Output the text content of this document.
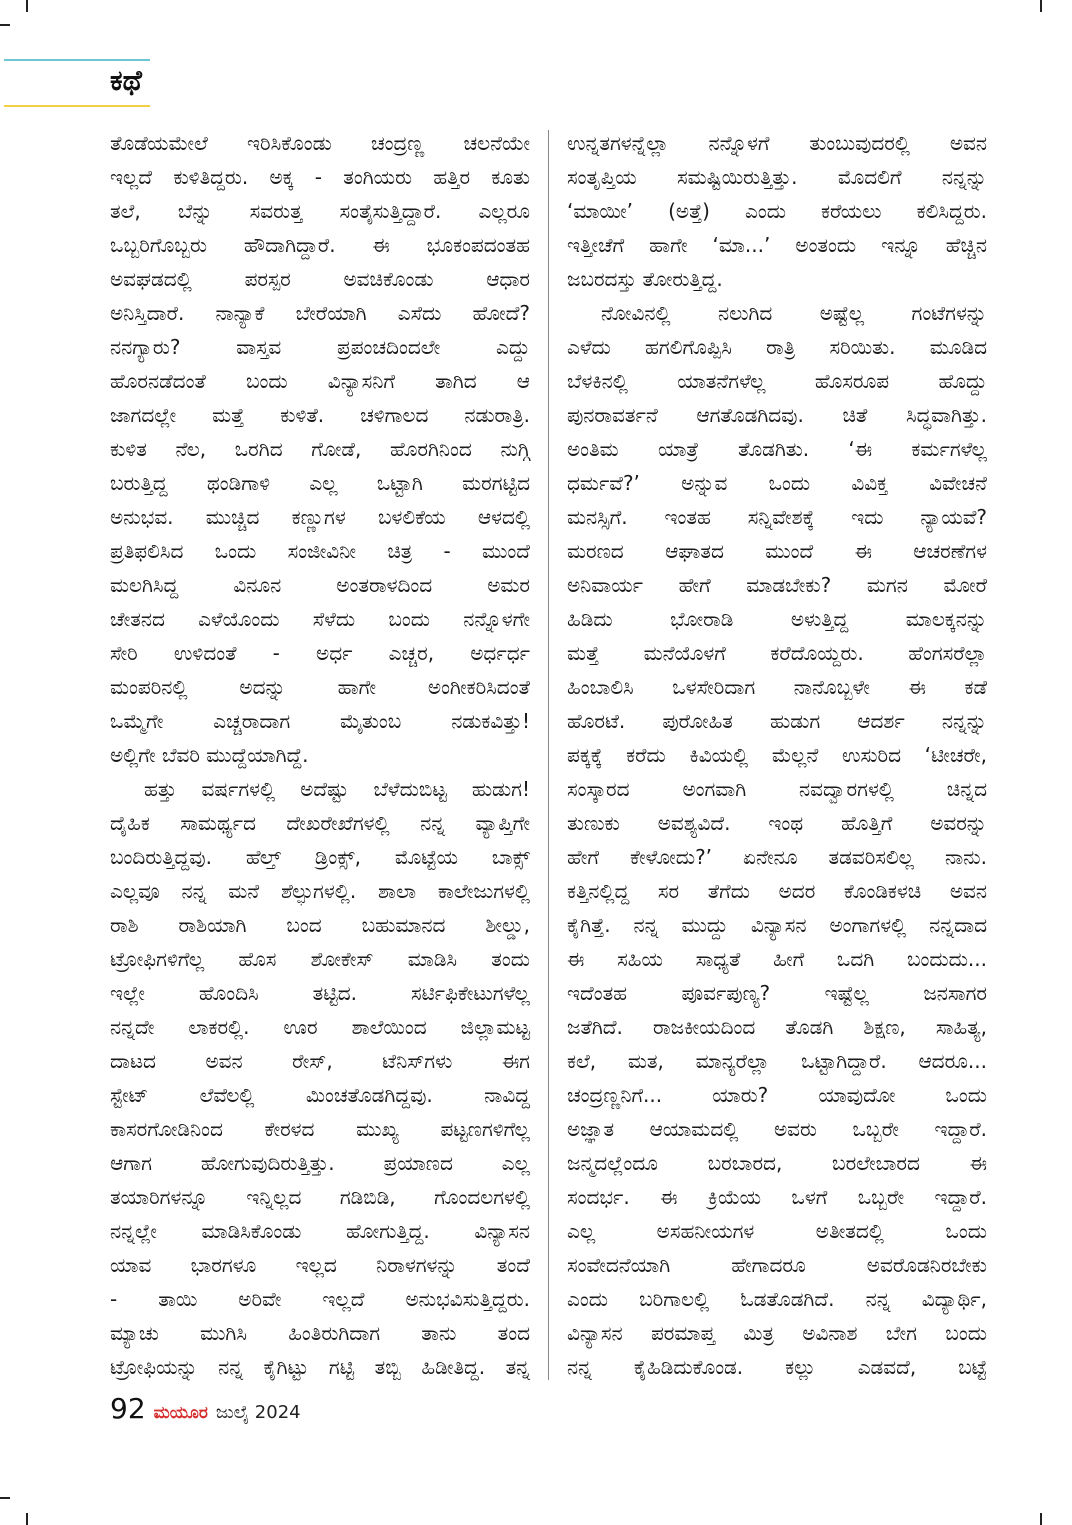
ಕಥೆ

ತೊಡೆಯಮೇಲೆ ಇರಿಸಿಕೊಂಡು ಚಂದ್ರಣ್ಣ ಚಲನೆಯೇ

ಇಲ್ಲದೆ ಕುಳಿತಿದ್ದರು. ಅಕ್ಕ - ತಂಗಿಯರು ಹತ್ತಿರ ಕೂತು

ತಲೆ, ಬೆನ್ನು ಸವರುತ್ತ ಸಂತೈಸುತ್ತಿದ್ದಾರೆ. ಎಲ್ಲರೂ

ಒಬ್ಬರಿಗೊಬ್ಬರು ಹೌದಾಗಿದ್ದಾರೆ. ಈ ಭೂಕಂಪದಂತಹ

ಅವಘಡದಲ್ಲಿ ಪರಸ್ಪರ ಅವಚಿಕೊಂಡು ಆಧಾರ

ಅನಿಸ್ತಿದಾರೆ. ನಾನ್ಯಾಕೆ ಬೇರೆಯಾಗಿ ಎಸೆದು ಹೋದೆ?

ನನಗ್ಯಾರು? ವಾಸ್ತವ ಪ್ರಪಂಚದಿಂದಲೇ ಎದ್ದು

ಹೊರನಡೆದಂತೆ ಬಂದು ವಿನ್ಯಾಸನಿಗೆ ತಾಗಿದ ಆ

ಜಾಗದಲ್ಲೇ ಮತ್ತೆ ಕುಳಿತೆ. ಚಳಿಗಾಲದ ನಡುರಾತ್ರಿ.

ಕುಳಿತ ನೆಲ, ಒರಗಿದ ಗೋಡೆ, ಹೊರಗಿನಿಂದ ನುಗ್ಗಿ

ಬರುತ್ತಿದ್ದ ಥಂಡಿಗಾಳಿ ಎಲ್ಲ ಒಟ್ಟಾಗಿ ಮರಗಟ್ಟಿದ

ಅನುಭವ. ಮುಚ್ಚಿದ ಕಣ್ಣುಗಳ ಬಳಲಿಕೆಯ ಆಳದಲ್ಲಿ

ಪ್ರತಿಫಲಿಸಿದ ಒಂದು ಸಂಜೀವಿನೀ ಚಿತ್ರ - ಮುಂದೆ

ಮಲಗಿಸಿದ್ದ ವಿನೂನ ಅಂತರಾಳದಿಂದ ಅಮರ

ಚೇತನದ ಎಳೆಯೊಂದು ಸೆಳೆದು ಬಂದು ನನ್ನೊಳಗೇ

ಸೇರಿ ಉಳಿದಂತೆ - ಅರ್ಧ ಎಚ್ಚರ, ಅರ್ಧರ್ಧ

ಮಂಪರಿನಲ್ಲಿ ಅದನ್ನು ಹಾಗೇ ಅಂಗೀಕರಿಸಿದಂತೆ

ಒಮ್ಮೆಗೇ ಎಚ್ಚರಾದಾಗ ಮೈತುಂಬ ನಡುಕವಿತ್ತು!

ಅಲ್ಲಿಗೇ ಬೆವರಿ ಮುದ್ದೆಯಾಗಿದ್ದೆ.

ಹತ್ತು ವರ್ಷಗಳಲ್ಲಿ ಅದೆಷ್ಟು ಬೆಳೆದುಬಿಟ್ಟ ಹುಡುಗ!

ದೈಹಿಕ ಸಾಮರ್ಥ್ಯದ ದೇಖರೇಖೆಗಳಲ್ಲಿ ನನ್ನ ವ್ಯಾಪ್ತಿಗೇ

ಬಂದಿರುತ್ತಿದ್ದವು. ಹೆಲ್ತ್ ಡ್ರಿಂಕ್ಸ್, ಮೊಟ್ಟೆಯ ಬಾಕ್ಸ್

ಎಲ್ಲವೂ ನನ್ನ ಮನೆ ಶೆಲ್ಫುಗಳಲ್ಲಿ. ಶಾಲಾ ಕಾಲೇಜುಗಳಲ್ಲಿ

ರಾಶಿ ರಾಶಿಯಾಗಿ ಬಂದ ಬಹುಮಾನದ ಶೀಲ್ಡು,

ಟ್ರೋಫಿಗಳಿಗೆಲ್ಲ ಹೊಸ ಶೋಕೇಸ್ ಮಾಡಿಸಿ ತಂದು

ಇಲ್ಲೇ ಹೊಂದಿಸಿ ತಟ್ಟಿದ. ಸರ್ಟಿಫಿಕೇಟುಗಳೆಲ್ಲ

ನನ್ನದೇ ಲಾಕರಲ್ಲಿ. ಊರ ಶಾಲೆಯಿಂದ ಜಿಲ್ಲಾಮಟ್ಟ

ದಾಟದ ಅವನ ರೇಸ್, ಟೆನಿಸ್‌ಗಳು ಈಗ

ಸ್ಟೇಟ್ ಲೆವೆಲಲ್ಲಿ ಮಿಂಚತೊಡಗಿದ್ದವು. ನಾವಿದ್ದ

ಕಾಸರಗೋಡಿನಿಂದ ಕೇರಳದ ಮುಖ್ಯ ಪಟ್ಟಣಗಳಿಗೆಲ್ಲ

ಆಗಾಗ ಹೋಗುವುದಿರುತ್ತಿತ್ತು. ಪ್ರಯಾಣದ ಎಲ್ಲ

ತಯಾರಿಗಳನ್ನೂ ಇನ್ನಿಲ್ಲದ ಗಡಿಬಿಡಿ, ಗೊಂದಲಗಳಲ್ಲಿ

ನನ್ನಲ್ಲೇ ಮಾಡಿಸಿಕೊಂಡು ಹೋಗುತ್ತಿದ್ದ. ವಿನ್ಯಾಸನ

ಯಾವ ಭಾರಗಳೂ ಇಲ್ಲದ ನಿರಾಳಗಳನ್ನು ತಂದೆ

- ತಾಯಿ ಅರಿವೇ ಇಲ್ಲದೆ ಅನುಭವಿಸುತ್ತಿದ್ದರು.

ಮ್ಯಾಚು ಮುಗಿಸಿ ಹಿಂತಿರುಗಿದಾಗ ತಾನು ತಂದ

ಟ್ರೋಫಿಯನ್ನು ನನ್ನ ಕೈಗಿಟ್ಟು ಗಟ್ಟಿ ತಬ್ಬಿ ಹಿಡೀತಿದ್ದ. ತನ್ನ

ಉನ್ನತಗಳನ್ನೆಲ್ಲಾ ನನ್ನೊಳಗೆ ತುಂಬುವುದರಲ್ಲಿ ಅವನ

ಸಂತೃಪ್ತಿಯ ಸಮಷ್ಟಿಯಿರುತ್ತಿತ್ತು. ಮೊದಲಿಗೆ ನನ್ನನ್ನು

‘ಮಾಯೀ’ (ಅತ್ತೆ) ಎಂದು ಕರೆಯಲು ಕಲಿಸಿದ್ದರು.

ಇತ್ತೀಚೆಗೆ ಹಾಗೇ ‘ಮಾ...’ ಅಂತಂದು ಇನ್ನೂ ಹೆಚ್ಚಿನ

ಜಬರದಸ್ತು ತೋರುತ್ತಿದ್ದ.

ನೋವಿನಲ್ಲಿ ನಲುಗಿದ ಅಷ್ಟೆಲ್ಲ ಗಂಟೆಗಳನ್ನು

ಎಳೆದು ಹಗಲಿಗೊಪ್ಪಿಸಿ ರಾತ್ರಿ ಸರಿಯಿತು. ಮೂಡಿದ

ಬೆಳಕಿನಲ್ಲಿ ಯಾತನೆಗಳೆಲ್ಲ ಹೊಸರೂಪ ಹೊದ್ದು

ಪುನರಾವರ್ತನೆ ಆಗತೊಡಗಿದವು. ಚಿತೆ ಸಿದ್ಧವಾಗಿತ್ತು.

ಅಂತಿಮ ಯಾತ್ರೆ ತೊಡಗಿತು. ‘ಈ ಕರ್ಮಗಳೆಲ್ಲ

ಧರ್ಮವೆ?’ ಅನ್ನುವ ಒಂದು ವಿವಿಕ್ತ ವಿವೇಚನೆ

ಮನಸ್ಸಿಗೆ. ಇಂತಹ ಸನ್ನಿವೇಶಕ್ಕೆ ಇದು ನ್ಯಾಯವೆ?

ಮರಣದ ಆಘಾತದ ಮುಂದೆ ಈ ಆಚರಣೆಗಳ

ಅನಿವಾರ್ಯ ಹೇಗೆ ಮಾಡಬೇಕು? ಮಗನ ಮೋರೆ

ಹಿಡಿದು ಭೋರಾಡಿ ಅಳುತ್ತಿದ್ದ ಮಾಲಕ್ಕನನ್ನು

ಮತ್ತೆ ಮನೆಯೊಳಗೆ ಕರೆದೊಯ್ದರು. ಹೆಂಗಸರೆಲ್ಲಾ

ಹಿಂಬಾಲಿಸಿ ಒಳಸೇರಿದಾಗ ನಾನೊಬ್ಬಳೇ ಈ ಕಡೆ

ಹೊರಟೆ. ಪುರೋಹಿತ ಹುಡುಗ ಆದರ್ಶ ನನ್ನನ್ನು

ಪಕ್ಕಕ್ಕೆ ಕರೆದು ಕಿವಿಯಲ್ಲಿ ಮೆಲ್ಲನೆ ಉಸುರಿದ ‘ಟೀಚರೇ,

ಸಂಸ್ಕಾರದ ಅಂಗವಾಗಿ ನವದ್ವಾರಗಳಲ್ಲಿ ಚಿನ್ನದ

ತುಣುಕು ಅವಶ್ಯವಿದೆ. ಇಂಥ ಹೊತ್ತಿಗೆ ಅವರನ್ನು

ಹೇಗೆ ಕೇಳೋದು?’ ಏನೇನೂ ತಡವರಿಸಲಿಲ್ಲ ನಾನು.

ಕತ್ತಿನಲ್ಲಿದ್ದ ಸರ ತೆಗೆದು ಅದರ ಕೊಂಡಿಕಳಚಿ ಅವನ

ಕೈಗಿತ್ತೆ. ನನ್ನ ಮುದ್ದು ವಿನ್ಯಾಸನ ಅಂಗಾಗಳಲ್ಲಿ ನನ್ನದಾದ

ಈ ಸಹಿಯ ಸಾಧ್ಯತೆ ಹೀಗೆ ಒದಗಿ ಬಂದುದು...

ಇದೆಂತಹ ಪೂರ್ವಪುಣ್ಯ? ಇಷ್ಟೆಲ್ಲ ಜನಸಾಗರ

ಜತೆಗಿದೆ. ರಾಜಕೀಯದಿಂದ ತೊಡಗಿ ಶಿಕ್ಷಣ, ಸಾಹಿತ್ಯ,

ಕಲೆ, ಮತ, ಮಾನ್ಯರೆಲ್ಲಾ ಒಟ್ಟಾಗಿದ್ದಾರೆ. ಆದರೂ...

ಚಂದ್ರಣ್ಣನಿಗೆ... ಯಾರು? ಯಾವುದೋ ಒಂದು

ಅಜ್ಞಾತ ಆಯಾಮದಲ್ಲಿ ಅವರು ಒಬ್ಬರೇ ಇದ್ದಾರೆ.

ಜನ್ಮದಲ್ಲೆಂದೂ ಬರಬಾರದ, ಬರಲೇಬಾರದ ಈ

ಸಂದರ್ಭ. ಈ ಕ್ರಿಯೆಯ ಒಳಗೆ ಒಬ್ಬರೇ ಇದ್ದಾರೆ.

ಎಲ್ಲ ಅಸಹನೀಯಗಳ ಅತೀತದಲ್ಲಿ ಒಂದು

ಸಂವೇದನೆಯಾಗಿ ಹೇಗಾದರೂ ಅವರೊಡನಿರಬೇಕು

ಎಂದು ಬರಿಗಾಲಲ್ಲಿ ಓಡತೊಡಗಿದೆ. ನನ್ನ ವಿದ್ಯಾರ್ಥಿ,

ವಿನ್ಯಾಸನ ಪರಮಾಪ್ತ ಮಿತ್ರ ಅವಿನಾಶ ಬೇಗ ಬಂದು

ನನ್ನ ಕೈಹಿಡಿದುಕೊಂಡ. ಕಲ್ಲು ಎಡವದೆ, ಬಟ್ಟೆ

92 ಮಯೂರ ಜುಲೈ 2024
